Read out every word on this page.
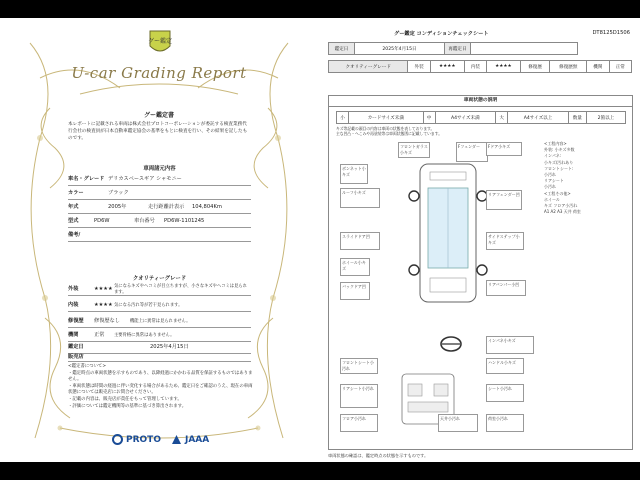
グー鑑定
U-car Grading Report
グー鑑定書
本レポートに記載される車両は株式会社プロトコーポレーションが委託する検査業務代行会社の検査員が日本自動車鑑定協会の基準をもとに検査を行い、その結果を記したものです。
車両諸元内容
車名・グレード デリカスペースギア シャモニー
カラー	ブラック
年式	2005年	走行距離計表示	104,804Km
型式	PD6W	車台番号	PD6W-1101245
備考/
クオリティーグレード
外装	★★★★ 気になるキズやヘコミが目立ちますが、小さなキズやヘコミは見られます。
内装	★★★★ 気になる汚れ等が若干見られます。
修復歴	修復歴なし	機能上に異常は見られません。
機関	正常	主要骨格に異常はありません。
鑑定日	2025年4月15日
販売店
<鑑定書について>
・鑑定時点の車両状態を示すものであり、以降経過にかかわる品質を保証するものではありません。
・車両状態は時間の経過に伴い変化する場合があるため、鑑定日をご確認のうえ、現在の車両状態については販売店にお問合せください。
・記載の内容は、販売店が責任をもって管理しています。
・評価については鑑定機関等の基準に基づき算出されます。
PROTO	JAAA
グー鑑定 コンディションチェックシート	DT8125D1506
鑑定日	2025年4月15日	再鑑定日	
クオリティーグレード	外装	★★★★	内装	★★★★	修復歴	修復歴無	機関	正常
車両状態の説明
小	カードサイズ未満	中	A4サイズ未満	大	A4サイズ以上	数量	2箇以上
キズ等記載の頭目の内容は車両の状態を表しております。
主な凹凸・へこみや再塗装等は車両状態図に記載しています。
ボンネット小キズ
フロントガラス小キズ
Fフェンダー	Fドア小キズ
ルーフ小キズ	リアフェンダー凹
スライドドア凹	サイドステップ小キズ
ホイール小キズ
バックドア凹	リアバンパー小凹
インパネ小キズ
フロントシート小汚れ
ハンドル小キズ
リアシート小汚れ	シート小汚れ
フロア小汚れ	天井小汚れ	荷室小汚れ
<工程内容>
外装: 小キズ多数
インパネ:
小キズ/汚れあり
フロントシート:
小汚れ
リアシート
小汚れ
<工程その他>
ホイール
キズ フロア小汚れ
A1 A2 A3 天井 荷室
車両状態の確認は、鑑定時点の状態を示すものです。
